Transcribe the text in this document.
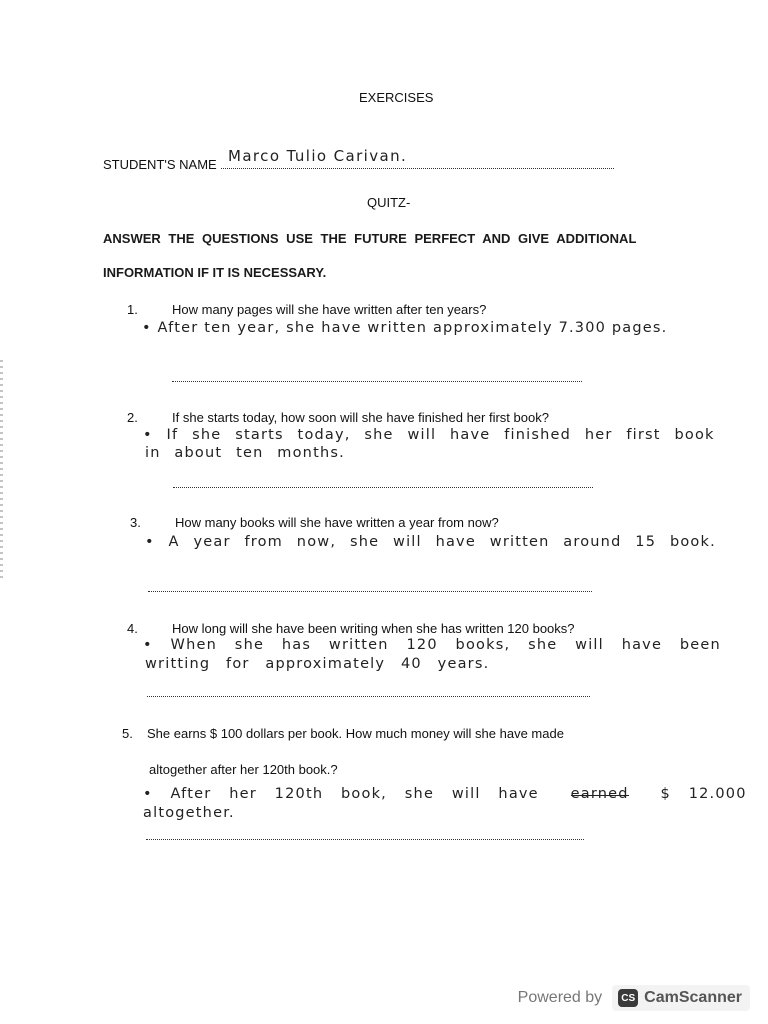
EXERCISES
STUDENT'S NAME Marco Tulio Carivan.
QUITZ-
ANSWER THE QUESTIONS USE THE FUTURE PERFECT AND GIVE ADDITIONAL
INFORMATION IF IT IS NECESSARY.
1.	How many pages will she have written after ten years?
• After ten year, she have written approximately 7.300 pages.
2.	If she starts today, how soon will she have finished her first book?
• If she starts today, she will have finished her first book
in about ten months.
3.	How many books will she have written a year from now?
• A year from now, she will have written around 15 book.
4.	How long will she have been writing when she has written 120 books?
• When she has written 120 books, she will have been
writting for approximately 40 years.
5. She earns $ 100 dollars per book. How much money will she have made
altogether after her 120th book.?
• After her 120th book, she will have earned $ 12.000
altogether.
Powered by	CS CamScanner
